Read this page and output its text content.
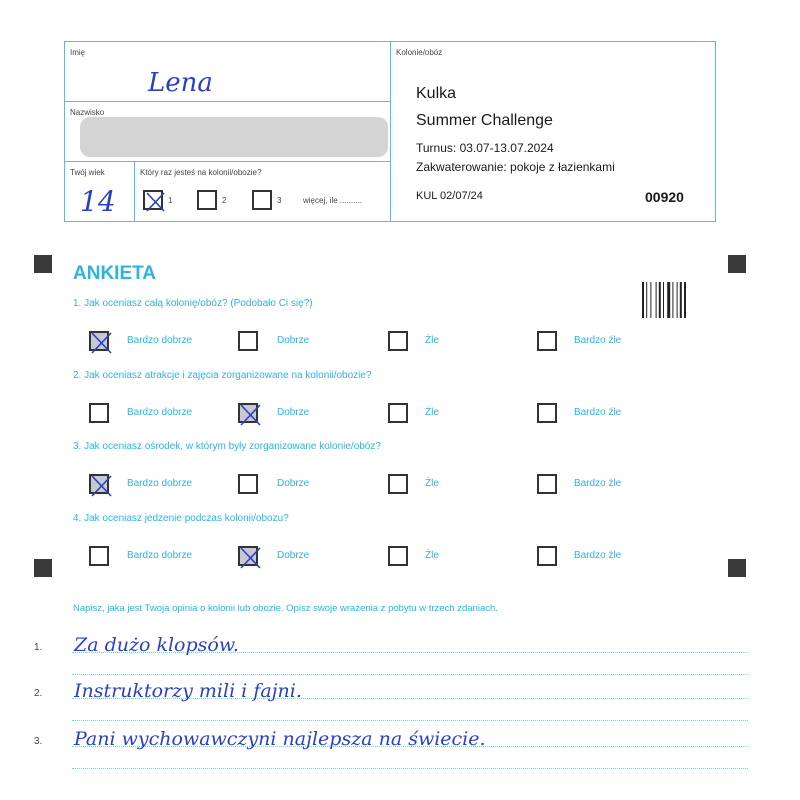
Imię
Lena
Nazwisko
Twój wiek
14
Który raz jesteś na kolonii/obozie?
1	2	3	więcej, ile ..........
Kolonie/obóz
Kulka
Summer Challenge
Turnus: 03.07-13.07.2024
Zakwaterowanie: pokoje z łazienkami
KUL 02/07/24	00920
ANKIETA
1. Jak oceniasz całą kolonię/obóz? (Podobało Ci się?)
Bardzo dobrze	Dobrze	Źle	Bardzo źle
2. Jak oceniasz atrakcje i zajęcia zorganizowane na kolonii/obozie?
Bardzo dobrze	Dobrze	Źle	Bardzo źle
3. Jak oceniasz ośrodek, w którym były zorganizowane kolonie/obóz?
Bardzo dobrze	Dobrze	Źle	Bardzo źle
4. Jak oceniasz jedzenie podczas kolonii/obozu?
Bardzo dobrze	Dobrze	Źle	Bardzo źle
Napisz, jaka jest Twoja opinia o kolonii lub obozie. Opisz swoje wrażenia z pobytu w trzech zdaniach.
1.
2.
3.
Za dużo klopsów.
Instruktorzy mili i fajni.
Pani wychowawczyni najlepsza na świecie.
